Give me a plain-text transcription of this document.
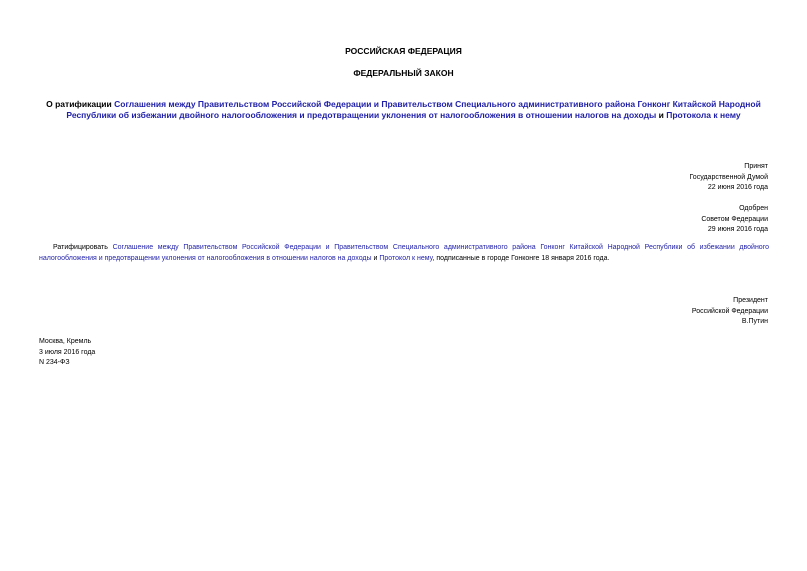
РОССИЙСКАЯ ФЕДЕРАЦИЯ
ФЕДЕРАЛЬНЫЙ ЗАКОН
О ратификации Соглашения между Правительством Российской Федерации и Правительством Специального административного района Гонконг Китайской Народной Республики об избежании двойного налогообложения и предотвращении уклонения от налогообложения в отношении налогов на доходы и Протокола к нему
Принят
Государственной Думой
22 июня 2016 года
Одобрен
Советом Федерации
29 июня 2016 года
Ратифицировать Соглашение между Правительством Российской Федерации и Правительством Специального административного района Гонконг Китайской Народной Республики об избежании двойного налогообложения и предотвращении уклонения от налогообложения в отношении налогов на доходы и Протокол к нему, подписанные в городе Гонконге 18 января 2016 года.
Президент
Российской Федерации
В.Путин
Москва, Кремль
3 июля 2016 года
N 234-ФЗ
